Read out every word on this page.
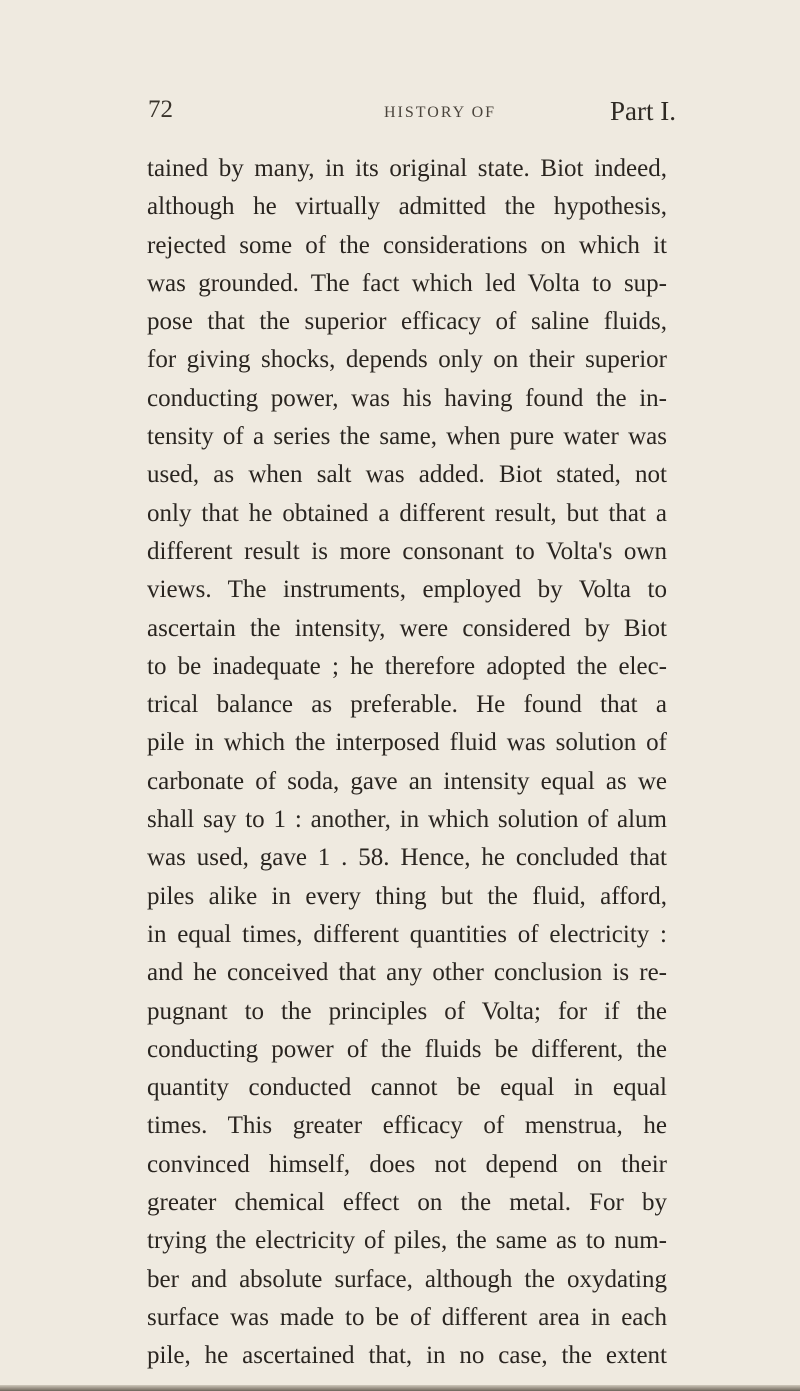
72	HISTORY OF	Part I.
tained by many, in its original state. Biot indeed,
although he virtually admitted the hypothesis,
rejected some of the considerations on which it
was grounded. The fact which led Volta to sup-
pose that the superior efficacy of saline fluids,
for giving shocks, depends only on their superior
conducting power, was his having found the in-
tensity of a series the same, when pure water was
used, as when salt was added. Biot stated, not
only that he obtained a different result, but that a
different result is more consonant to Volta's own
views. The instruments, employed by Volta to
ascertain the intensity, were considered by Biot
to be inadequate ; he therefore adopted the elec-
trical balance as preferable. He found that a
pile in which the interposed fluid was solution of
carbonate of soda, gave an intensity equal as we
shall say to 1 : another, in which solution of alum
was used, gave 1 . 58. Hence, he concluded that
piles alike in every thing but the fluid, afford,
in equal times, different quantities of electricity :
and he conceived that any other conclusion is re-
pugnant to the principles of Volta; for if the
conducting power of the fluids be different, the
quantity conducted cannot be equal in equal
times. This greater efficacy of menstrua, he
convinced himself, does not depend on their
greater chemical effect on the metal. For by
trying the electricity of piles, the same as to num-
ber and absolute surface, although the oxydating
surface was made to be of different area in each
pile, he ascertained that, in no case, the extent
